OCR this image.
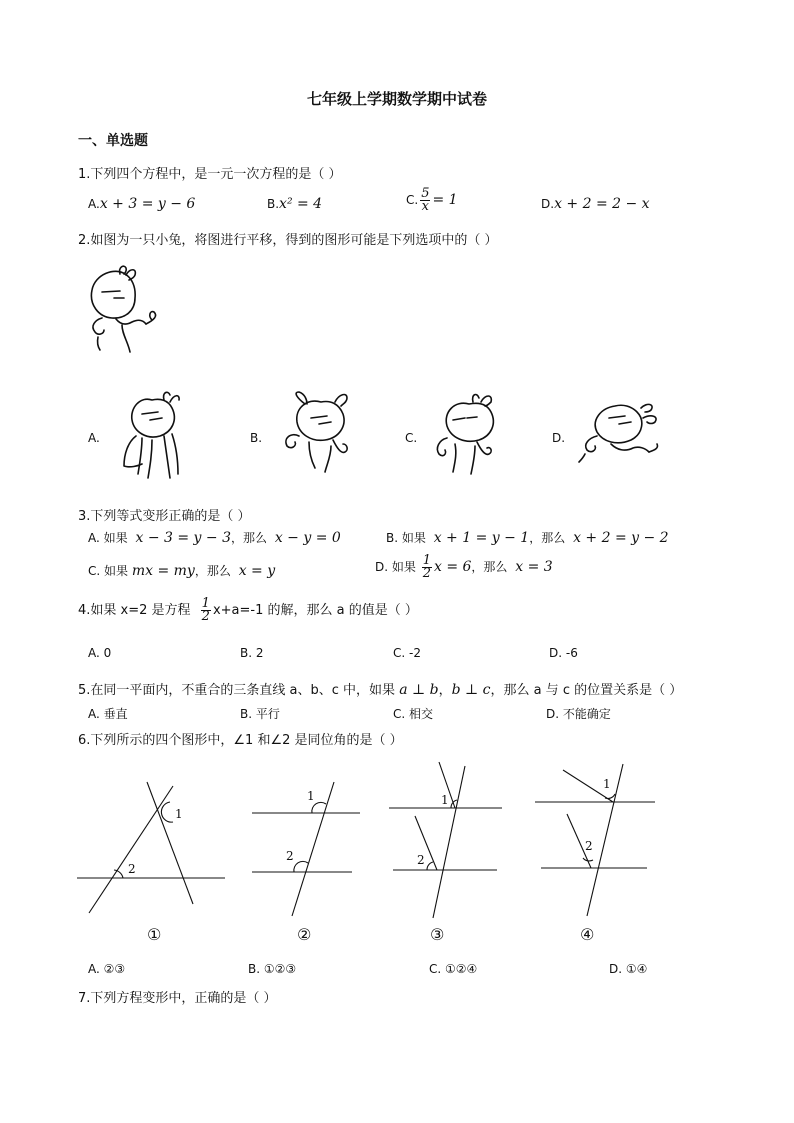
七年级上学期数学期中试卷
一、单选题
1.下列四个方程中，是一元一次方程的是（ ）
A.x + 3 = y − 6	B.x² = 4	C. $\frac{5}{x} = 1$	D.x + 2 = 2 − x
2.如图为一只小兔，将图进行平移，得到的图形可能是下列选项中的（ ）
A.	B.	C.	D.
3.下列等式变形正确的是（ ）
A. 如果 x − 3 = y − 3，那么 x − y = 0	B. 如果 x + 1 = y − 1，那么 x + 2 = y − 2
C. 如果 mx = my，那么 x = y	D. 如果 $\frac{1}{2}$ x = 6，那么 x = 3
4.如果 x=2 是方程 $\frac{1}{2} x+a=-1$ 的解，那么 a 的值是（ ）
A. 0	B. 2	C. -2	D. -6
5.在同一平面内，不重合的三条直线 a、b、c 中，如果 a ⊥ b，b ⊥ c，那么 a 与 c 的位置关系是（ ）
A. 垂直	B. 平行	C. 相交	D. 不能确定
6.下列所示的四个图形中，∠1 和∠2 是同位角的是（ ）
1
2
①
1
2
②
1
2
③
1
2
④
A. ②③	B. ①②③	C. ①②④	D. ①④
7.下列方程变形中，正确的是（ ）
